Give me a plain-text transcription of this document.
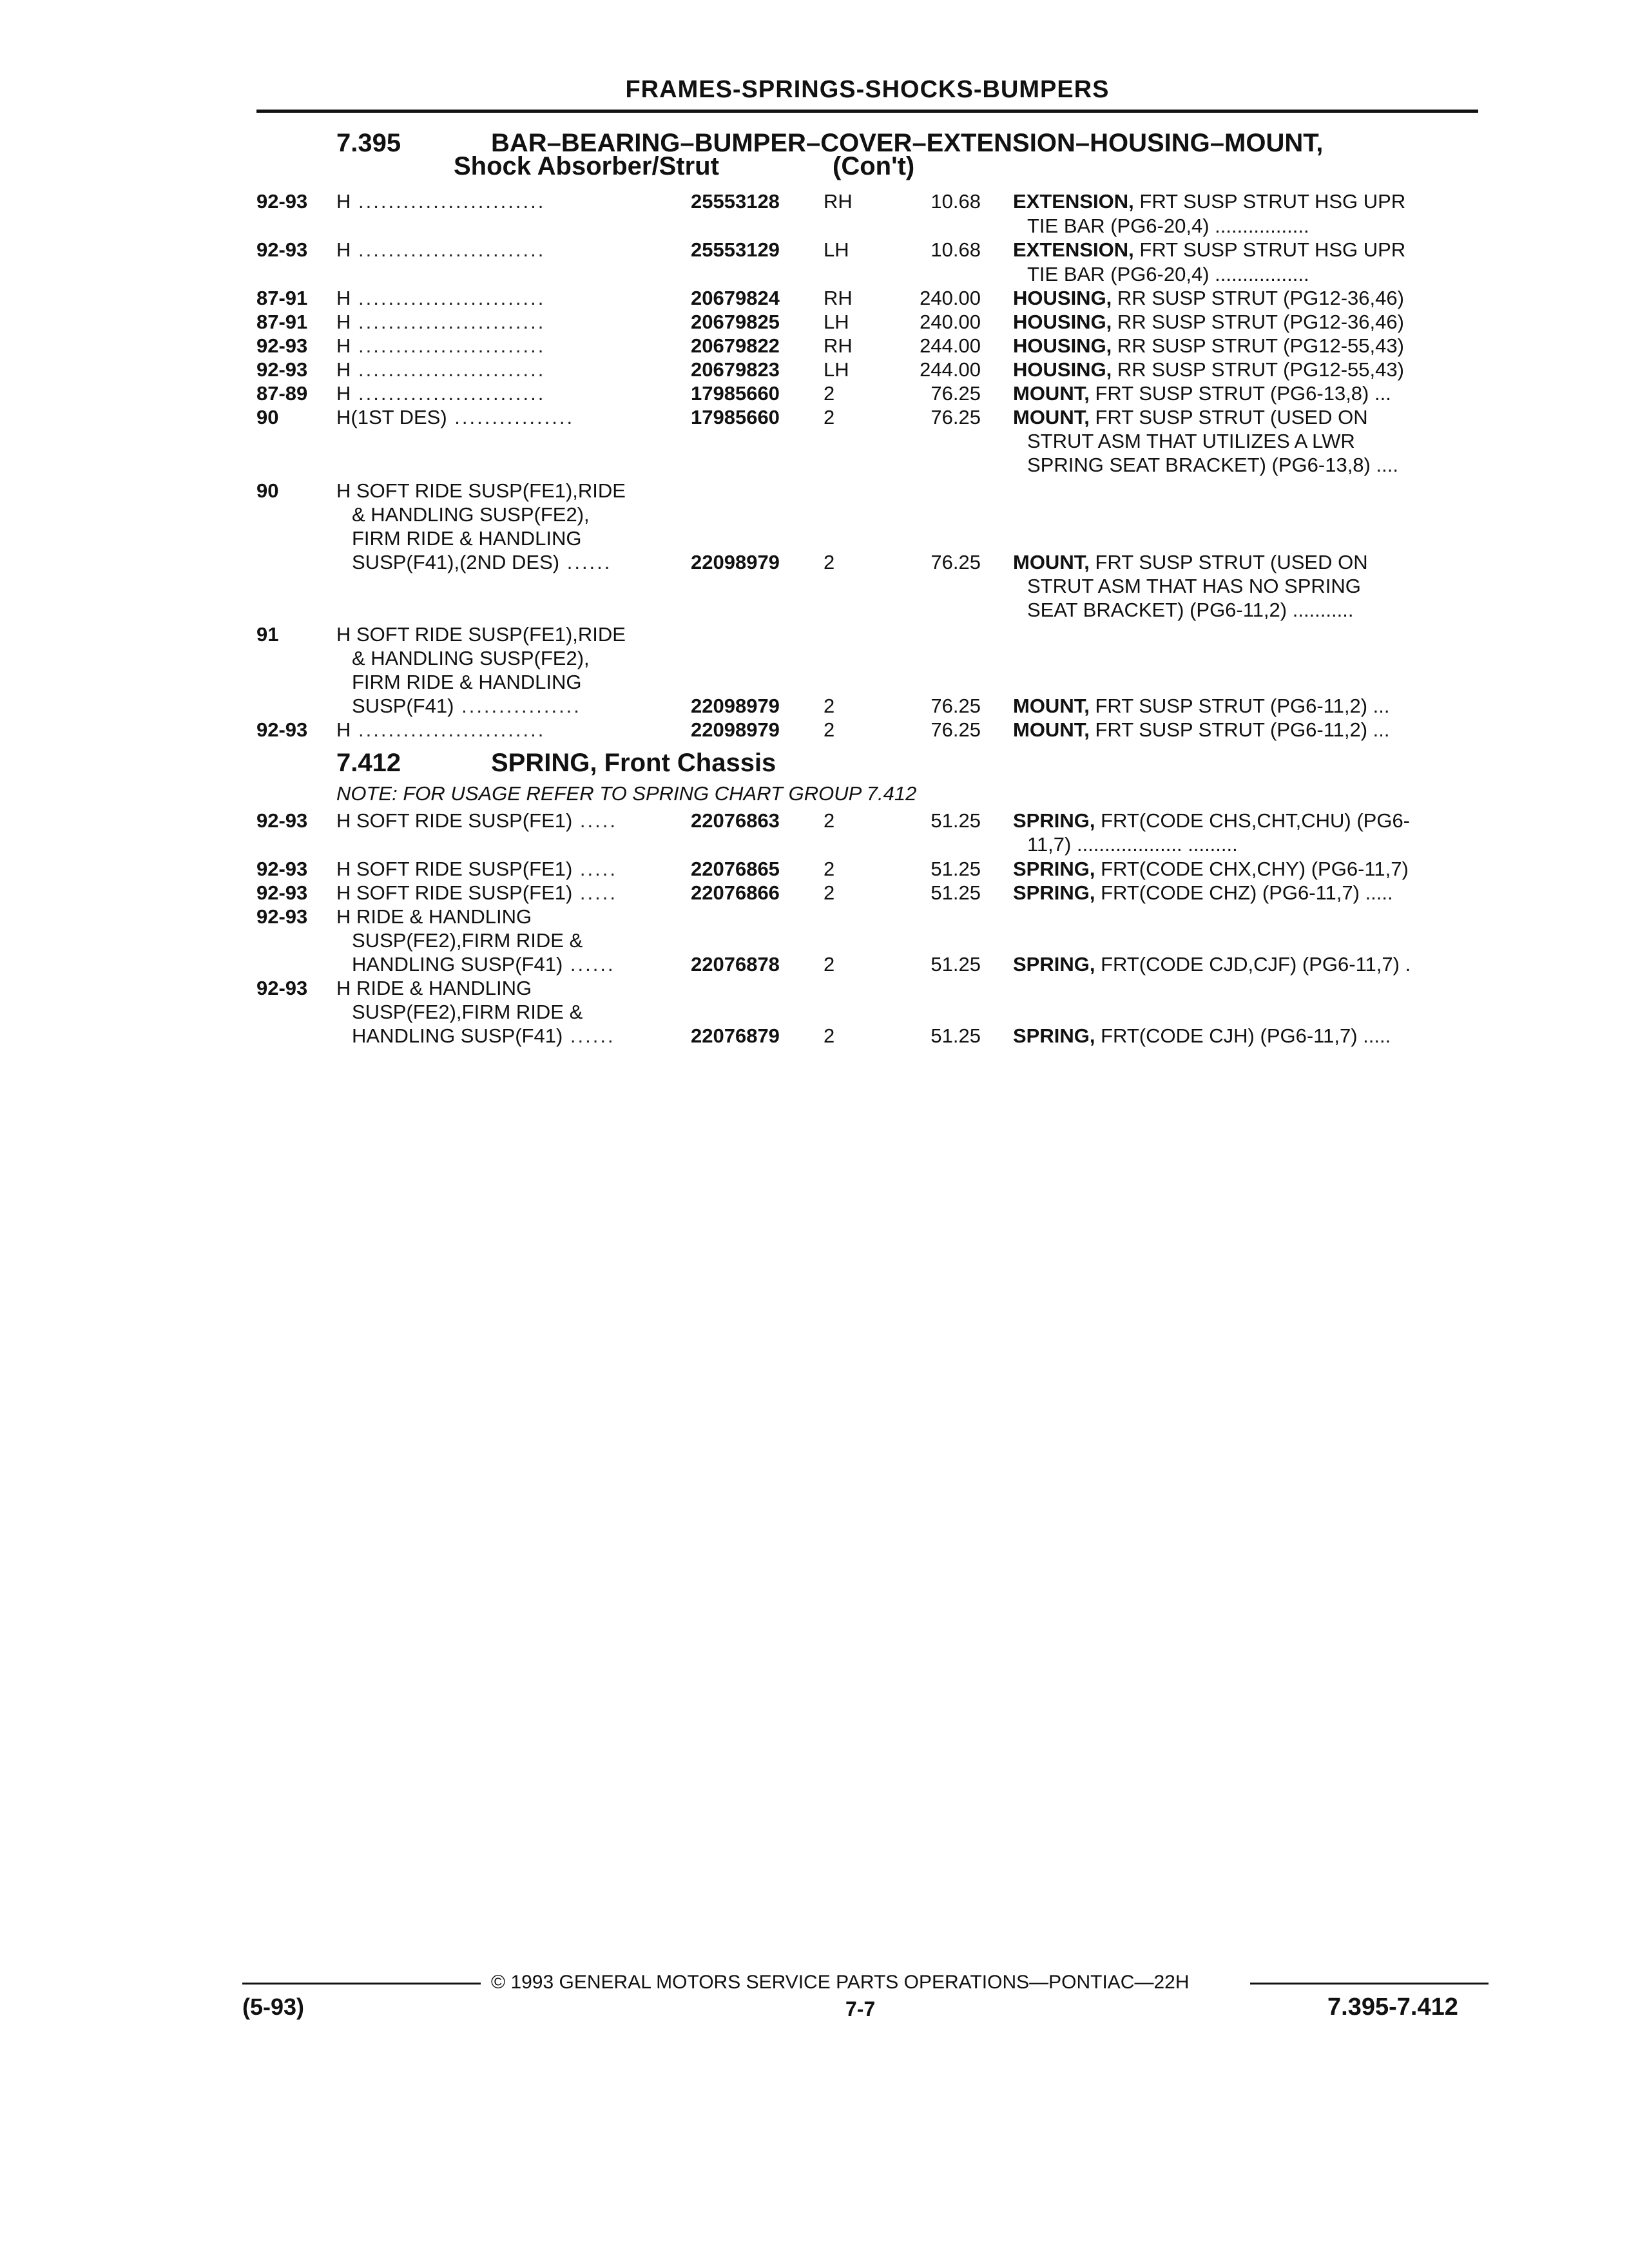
FRAMES-SPRINGS-SHOCKS-BUMPERS
7.395	BAR–BEARING–BUMPER–COVER–EXTENSION–HOUSING–MOUNT,
Shock Absorber/Strut	(Con't)
92-93 H .........................	25553128 RH	10.68 EXTENSION, FRT SUSP STRUT HSG UPR
TIE BAR (PG6-20,4) .................
92-93 H .........................	25553129 LH	10.68 EXTENSION, FRT SUSP STRUT HSG UPR
TIE BAR (PG6-20,4) .................
87-91 H .........................	20679824 RH	240.00 HOUSING, RR SUSP STRUT (PG12-36,46)
87-91 H .........................	20679825 LH	240.00 HOUSING, RR SUSP STRUT (PG12-36,46)
92-93 H .........................	20679822 RH	244.00 HOUSING, RR SUSP STRUT (PG12-55,43)
92-93 H .........................	20679823 LH	244.00 HOUSING, RR SUSP STRUT (PG12-55,43)
87-89 H .........................	17985660 2	76.25 MOUNT, FRT SUSP STRUT (PG6-13,8) ...
90	H(1ST DES) ................	17985660 2	76.25 MOUNT, FRT SUSP STRUT (USED ON
STRUT ASM THAT UTILIZES A LWR
SPRING SEAT BRACKET) (PG6-13,8) ....
90	H SOFT RIDE SUSP(FE1),RIDE
& HANDLING SUSP(FE2),
FIRM RIDE & HANDLING
SUSP(F41),(2ND DES) ......	22098979 2	76.25 MOUNT, FRT SUSP STRUT (USED ON
STRUT ASM THAT HAS NO SPRING
SEAT BRACKET) (PG6-11,2) ...........
91	H SOFT RIDE SUSP(FE1),RIDE
& HANDLING SUSP(FE2),
FIRM RIDE & HANDLING
SUSP(F41) ................	22098979 2	76.25 MOUNT, FRT SUSP STRUT (PG6-11,2) ...
92-93 H .........................	22098979 2	76.25 MOUNT, FRT SUSP STRUT (PG6-11,2) ...
7.412	SPRING, Front Chassis
NOTE: FOR USAGE REFER TO SPRING CHART GROUP 7.412
92-93 H SOFT RIDE SUSP(FE1) .....	22076863 2	51.25 SPRING, FRT(CODE CHS,CHT,CHU) (PG6-
11,7) ................... .........
92-93 H SOFT RIDE SUSP(FE1) .....	22076865 2	51.25 SPRING, FRT(CODE CHX,CHY) (PG6-11,7)
92-93 H SOFT RIDE SUSP(FE1) .....	22076866 2	51.25 SPRING, FRT(CODE CHZ) (PG6-11,7) .....
92-93 H RIDE & HANDLING
SUSP(FE2),FIRM RIDE &
HANDLING SUSP(F41) ......	22076878 2	51.25 SPRING, FRT(CODE CJD,CJF) (PG6-11,7) .
92-93 H RIDE & HANDLING
SUSP(FE2),FIRM RIDE &
HANDLING SUSP(F41) ......	22076879 2	51.25 SPRING, FRT(CODE CJH) (PG6-11,7) .....
© 1993 GENERAL MOTORS SERVICE PARTS OPERATIONS—PONTIAC—22H
(5-93)	7-7	7.395-7.412
